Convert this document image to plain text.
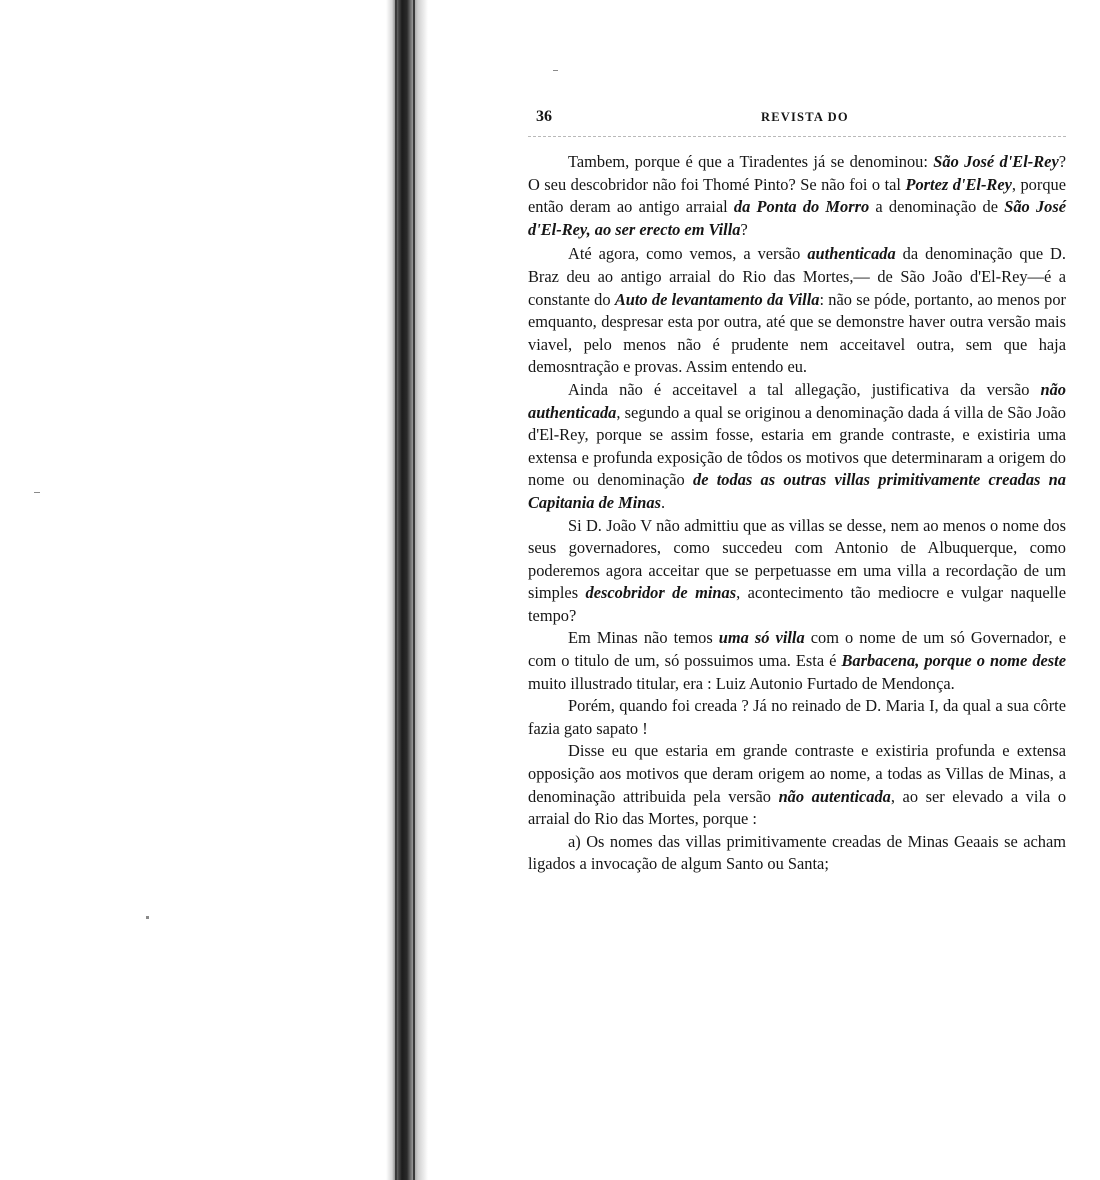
36	REVISTA DO

Tambem, porque é que a Tiradentes já se denominou: São José d'El-Rey? O seu descobridor não foi Thomé Pinto? Se não foi o tal Portez d'El-Rey, porque então deram ao antigo arraial da Ponta do Morro a denominação de São José d'El-Rey, ao ser erecto em Villa?

Até agora, como vemos, a versão authenticada da denominação que D. Braz deu ao antigo arraial do Rio das Mortes,— de São João d'El-Rey—é a constante do Auto de levantamento da Villa: não se póde, portanto, ao menos por emquanto, despresar esta por outra, até que se demonstre haver outra versão mais viavel, pelo menos não é prudente nem acceitavel outra, sem que haja demosntração e provas. Assim entendo eu.

Ainda não é acceitavel a tal allegação, justificativa da versão não authenticada, segundo a qual se originou a denominação dada á villa de São João d'El-Rey, porque se assim fosse, estaria em grande contraste, e existiria uma extensa e profunda exposição de tôdos os motivos que determinaram a origem do nome ou denominação de todas as outras villas primitivamente creadas na Capitania de Minas.

Si D. João V não admittiu que as villas se desse, nem ao menos o nome dos seus governadores, como succedeu com Antonio de Albuquerque, como poderemos agora acceitar que se perpetuasse em uma villa a recordação de um simples descobridor de minas, acontecimento tão mediocre e vulgar naquelle tempo?

Em Minas não temos uma só villa com o nome de um só Governador, e com o titulo de um, só possuimos uma. Esta é Barbacena, porque o nome deste muito illustrado titular, era : Luiz Autonio Furtado de Mendonça.

Porém, quando foi creada ? Já no reinado de D. Maria I, da qual a sua côrte fazia gato sapato !

Disse eu que estaria em grande contraste e existiria profunda e extensa opposição aos motivos que deram origem ao nome, a todas as Villas de Minas, a denominação attribuida pela versão não autenticada, ao ser elevado a vila o arraial do Rio das Mortes, porque :

a) Os nomes das villas primitivamente creadas de Minas Geaais se acham ligados a invocação de algum Santo ou Santa;
